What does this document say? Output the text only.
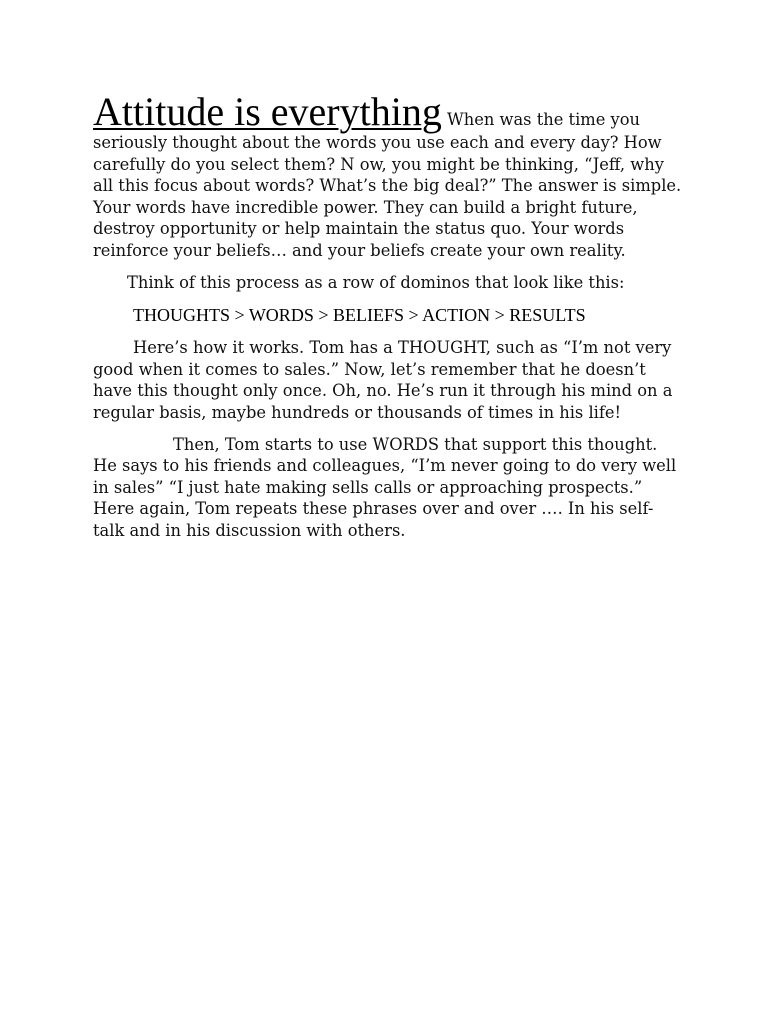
Attitude is everything When was the time you seriously thought about the words you use each and every day? How carefully do you select them? N ow, you might be thinking, “Jeff, why all this focus about words? What’s the big deal?” The answer is simple. Your words have incredible power. They can build a bright future, destroy opportunity or help maintain the status quo. Your words reinforce your beliefs… and your beliefs create your own reality.

Think of this process as a row of dominos that look like this:

THOUGHTS > WORDS > BELIEFS > ACTION > RESULTS

Here’s how it works. Tom has a THOUGHT, such as “I’m not very good when it comes to sales.” Now, let’s remember that he doesn’t have this thought only once. Oh, no. He’s run it through his mind on a regular basis, maybe hundreds or thousands of times in his life!

Then, Tom starts to use WORDS that support this thought. He says to his friends and colleagues, “I’m never going to do very well in sales” “I just hate making sells calls or approaching prospects.” Here again, Tom repeats these phrases over and over …. In his self-talk and in his discussion with others.
